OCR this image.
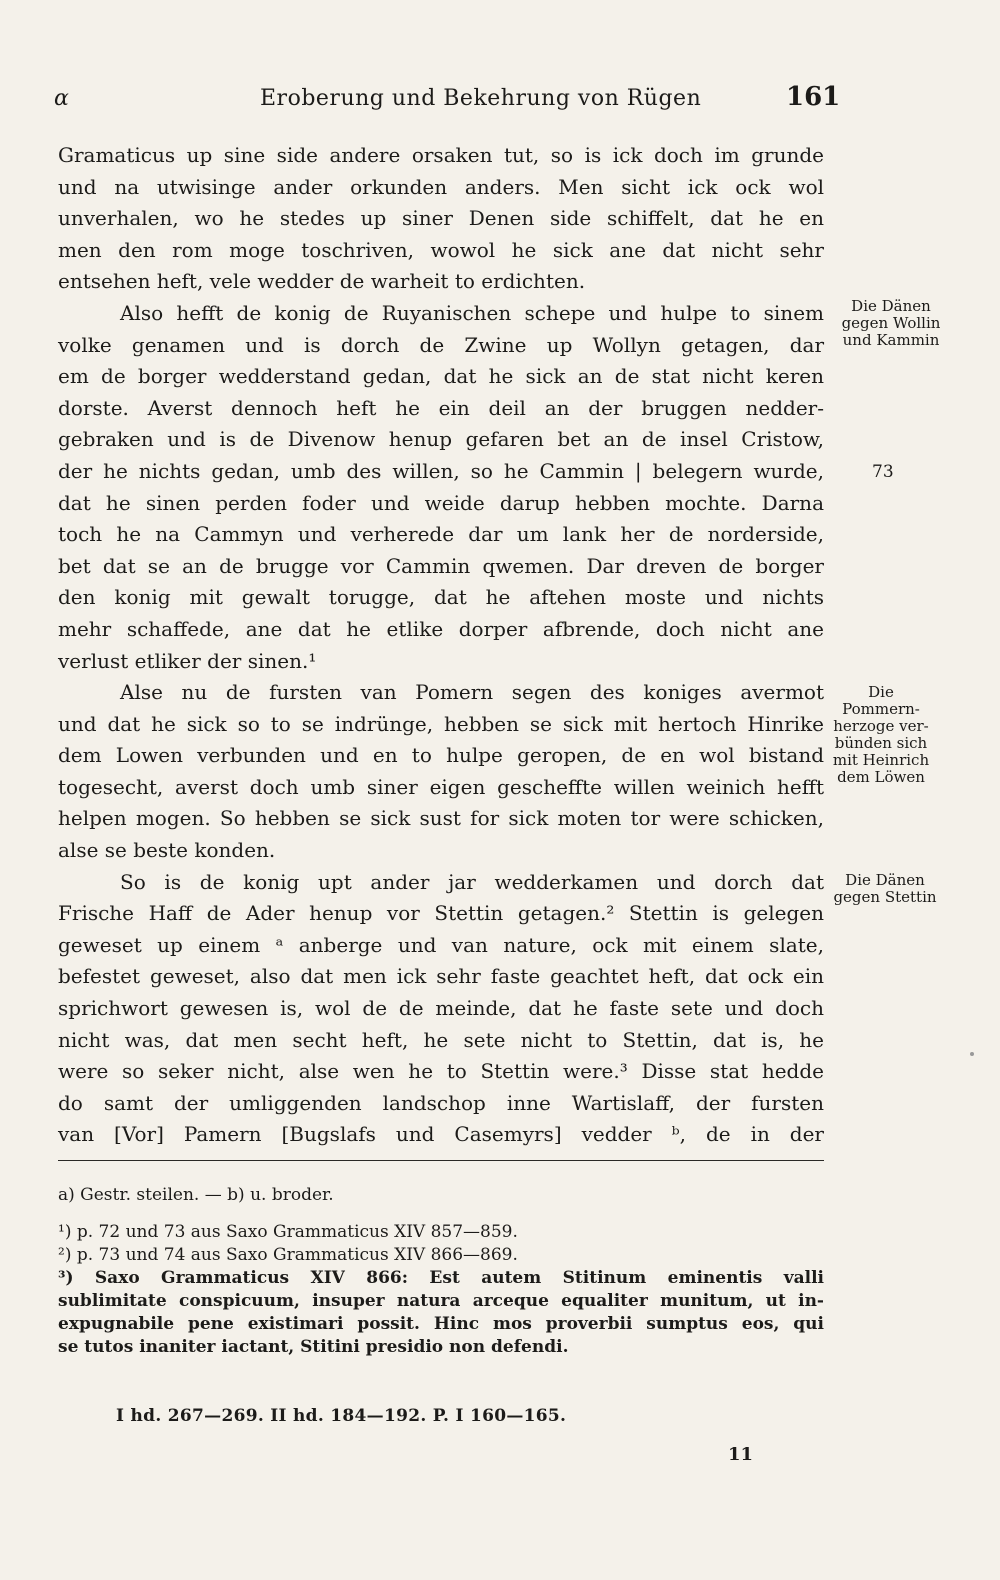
α	Eroberung und Bekehrung von Rügen	161
Gramaticus up sine side andere orsaken tut, so is ick doch im grunde
und na utwisinge ander orkunden anders. Men sicht ick ock wol
unverhalen, wo he stedes up siner Denen side schiffelt, dat he en
men den rom moge toschriven, wowol he sick ane dat nicht sehr
entsehen heft, vele wedder de warheit to erdichten.
Also hefft de konig de Ruyanischen schepe und hulpe to sinem
volke genamen und is dorch de Zwine up Wollyn getagen, dar
em de borger wedderstand gedan, dat he sick an de stat nicht keren
dorste. Averst dennoch heft he ein deil an der bruggen nedder-
gebraken und is de Divenow henup gefaren bet an de insel Cristow,
der he nichts gedan, umb des willen, so he Cammin | belegern wurde,
dat he sinen perden foder und weide darup hebben mochte. Darna
toch he na Cammyn und verherede dar um lank her de norderside,
bet dat se an de brugge vor Cammin qwemen. Dar dreven de borger
den konig mit gewalt torugge, dat he aftehen moste und nichts
mehr schaffede, ane dat he etlike dorper afbrende, doch nicht ane
verlust etliker der sinen.¹
Alse nu de fursten van Pomern segen des koniges avermot
und dat he sick so to se indrünge, hebben se sick mit hertoch Hinrike
dem Lowen verbunden und en to hulpe geropen, de en wol bistand
togesecht, averst doch umb siner eigen gescheffte willen weinich hefft
helpen mogen. So hebben se sick sust for sick moten tor were schicken,
alse se beste konden.
So is de konig upt ander jar wedderkamen und dorch dat
Frische Haff de Ader henup vor Stettin getagen.² Stettin is gelegen
geweset up einem ᵃ anberge und van nature, ock mit einem slate,
befestet geweset, also dat men ick sehr faste geachtet heft, dat ock ein
sprichwort gewesen is, wol de de meinde, dat he faste sete und doch
nicht was, dat men secht heft, he sete nicht to Stettin, dat is, he
were so seker nicht, alse wen he to Stettin were.³ Disse stat hedde
do samt der umliggenden landschop inne Wartislaff, der fursten
van [Vor] Pamern [Bugslafs und Casemyrs] vedder ᵇ, de in der
Die Dänen
gegen Wollin
und Kammin
73
Die
Pommern-
herzoge ver-
bünden sich
mit Heinrich
dem Löwen
Die Dänen
gegen Stettin
a) Gestr. steilen. — b) u. broder.
¹) p. 72 und 73 aus Saxo Grammaticus XIV 857—859.
²) p. 73 und 74 aus Saxo Grammaticus XIV 866—869.
³) Saxo Grammaticus XIV 866: Est autem Stitinum eminentis valli
sublimitate conspicuum, insuper natura arceque equaliter munitum, ut in-
expugnabile pene existimari possit. Hinc mos proverbii sumptus eos, qui
se tutos inaniter iactant, Stitini presidio non defendi.
I hd. 267—269. II hd. 184—192. P. I 160—165.
11
